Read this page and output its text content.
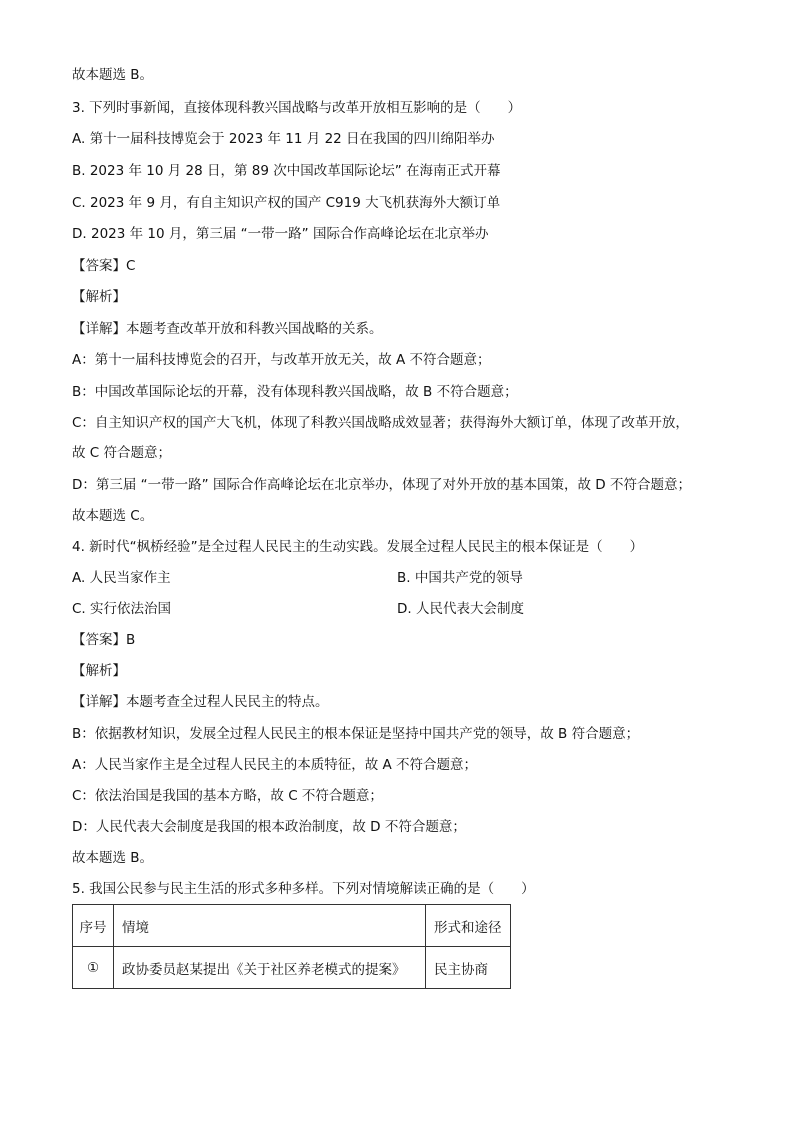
故本题选 B。
3. 下列时事新闻，直接体现科教兴国战略与改革开放相互影响的是（　　）
A. 第十一届科技博览会于 2023 年 11 月 22 日在我国的四川绵阳举办
B. 2023 年 10 月 28 日，第 89 次中国改革国际论坛” 在海南正式开幕
C. 2023 年 9 月，有自主知识产权的国产 C919 大飞机获海外大额订单
D. 2023 年 10 月，第三届 “一带一路” 国际合作高峰论坛在北京举办
【答案】C
【解析】
【详解】本题考查改革开放和科教兴国战略的关系。
A：第十一届科技博览会的召开，与改革开放无关，故 A 不符合题意；
B：中国改革国际论坛的开幕，没有体现科教兴国战略，故 B 不符合题意；
C：自主知识产权的国产大飞机，体现了科教兴国战略成效显著；获得海外大额订单，体现了改革开放，
故 C 符合题意；
D：第三届 “一带一路” 国际合作高峰论坛在北京举办，体现了对外开放的基本国策，故 D 不符合题意；
故本题选 C。
4. 新时代“枫桥经验”是全过程人民民主的生动实践。发展全过程人民民主的根本保证是（　　）
A. 人民当家作主	B. 中国共产党的领导
C. 实行依法治国	D. 人民代表大会制度
【答案】B
【解析】
【详解】本题考查全过程人民民主的特点。
B：依据教材知识，发展全过程人民民主的根本保证是坚持中国共产党的领导，故 B 符合题意；
A：人民当家作主是全过程人民民主的本质特征，故 A 不符合题意；
C：依法治国是我国的基本方略，故 C 不符合题意；
D：人民代表大会制度是我国的根本政治制度，故 D 不符合题意；
故本题选 B。
5. 我国公民参与民主生活的形式多种多样。下列对情境解读正确的是（　　）
序号	情境	形式和途径
①	政协委员赵某提出《关于社区养老模式的提案》	民主协商
